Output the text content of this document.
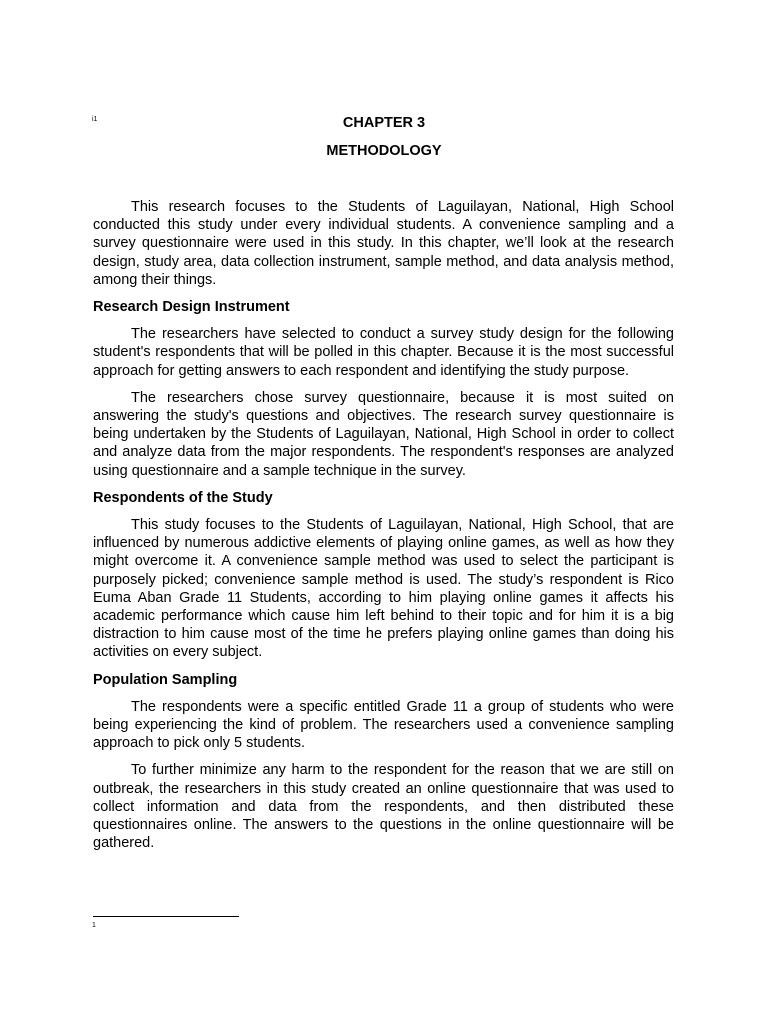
i1	CHAPTER 3
METHODOLOGY

This research focuses to the Students of Laguilayan, National, High School conducted this study under every individual students. A convenience sampling and a survey questionnaire were used in this study. In this chapter, we’ll look at the research design, study area, data collection instrument, sample method, and data analysis method, among their things.

Research Design Instrument

The researchers have selected to conduct a survey study design for the following student's respondents that will be polled in this chapter. Because it is the most successful approach for getting answers to each respondent and identifying the study purpose.

The researchers chose survey questionnaire, because it is most suited on answering the study's questions and objectives. The research survey questionnaire is being undertaken by the Students of Laguilayan, National, High School in order to collect and analyze data from the major respondents. The respondent's responses are analyzed using questionnaire and a sample technique in the survey.

Respondents of the Study

This study focuses to the Students of Laguilayan, National, High School, that are influenced by numerous addictive elements of playing online games, as well as how they might overcome it. A convenience sample method was used to select the participant is purposely picked; convenience sample method is used. The study’s respondent is Rico Euma Aban Grade 11 Students, according to him playing online games it affects his academic performance which cause him left behind to their topic and for him it is a big distraction to him cause most of the time he prefers playing online games than doing his activities on every subject.

Population Sampling

The respondents were a specific entitled Grade 11 a group of students who were being experiencing the kind of problem. The researchers used a convenience sampling approach to pick only 5 students.

To further minimize any harm to the respondent for the reason that we are still on outbreak, the researchers in this study created an online questionnaire that was used to collect information and data from the respondents, and then distributed these questionnaires online. The answers to the questions in the online questionnaire will be gathered.

1
